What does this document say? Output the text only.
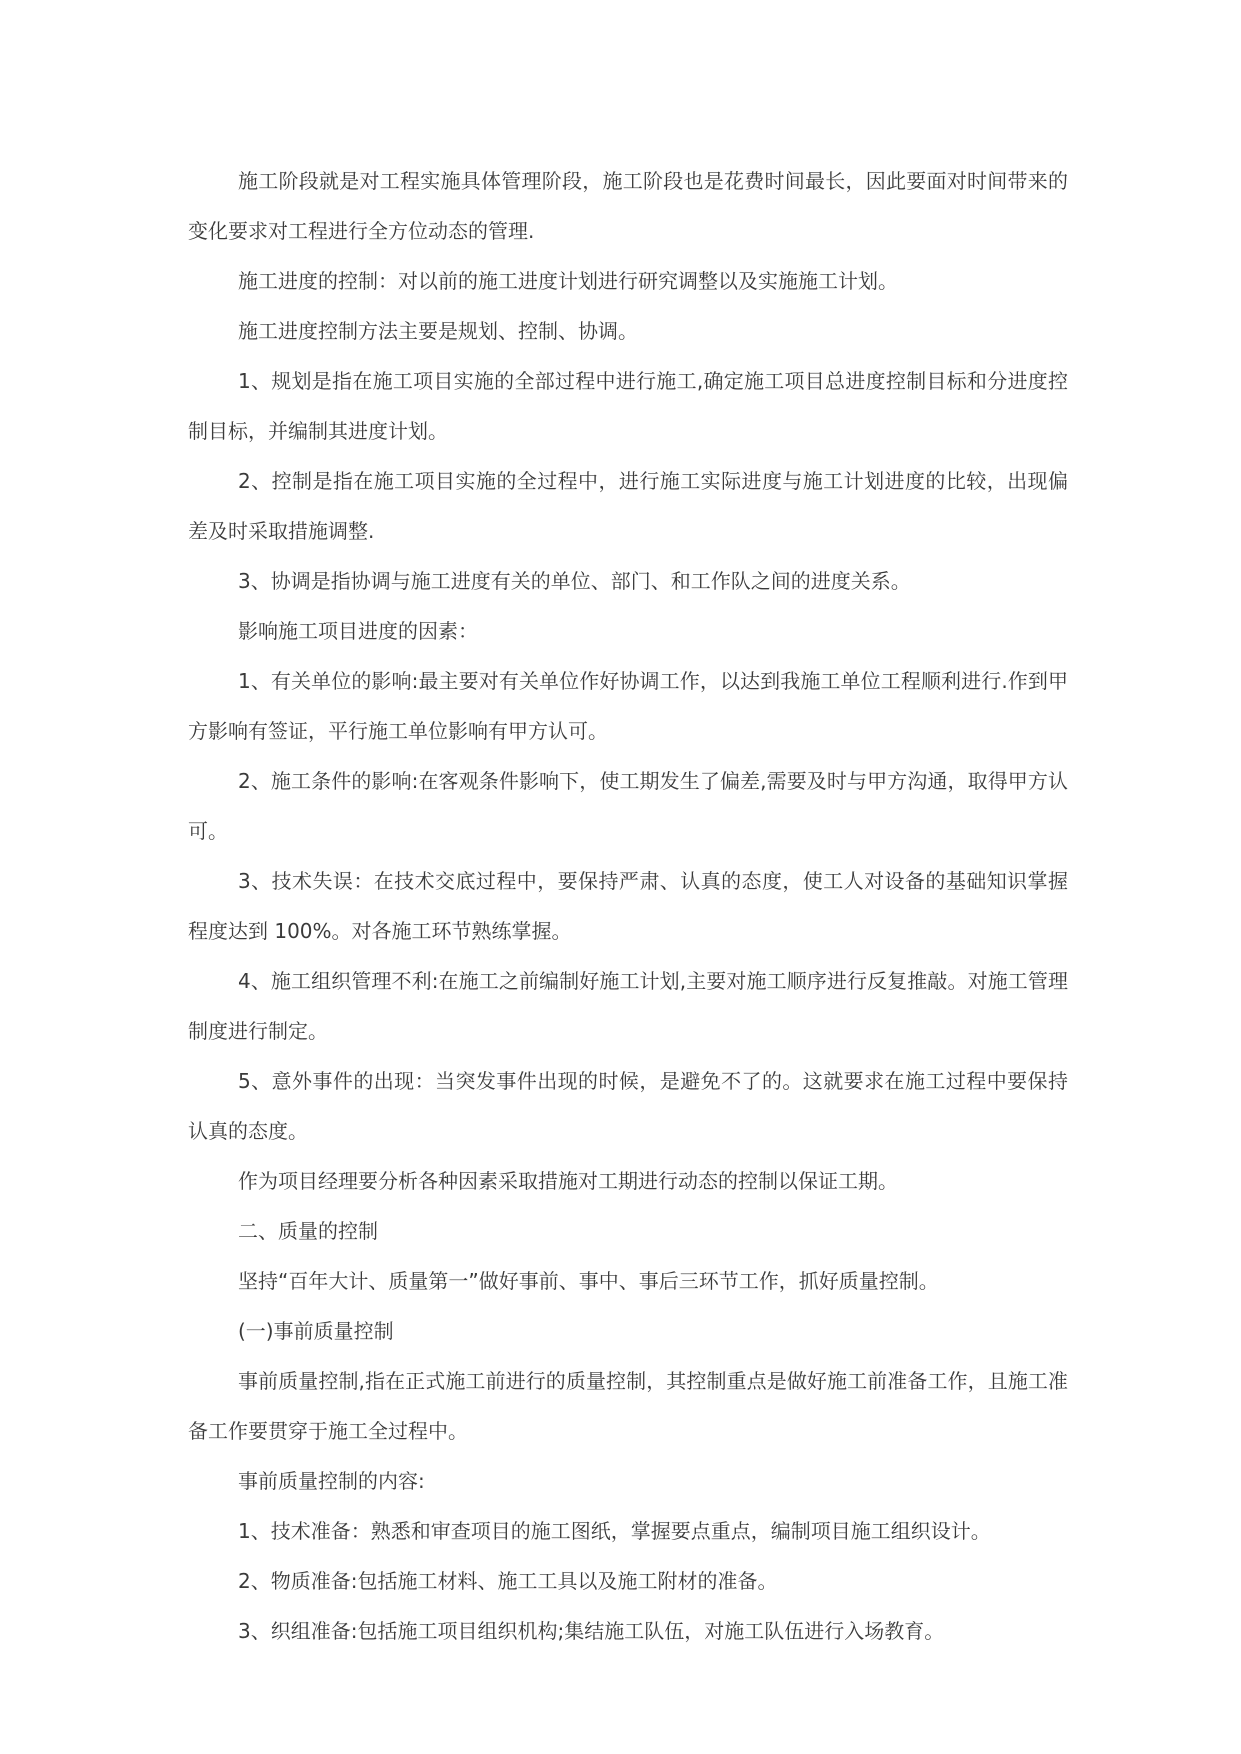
施工阶段就是对工程实施具体管理阶段，施工阶段也是花费时间最长，因此要面对时间带来的变化要求对工程进行全方位动态的管理.

施工进度的控制：对以前的施工进度计划进行研究调整以及实施施工计划。

施工进度控制方法主要是规划、控制、协调。

1、规划是指在施工项目实施的全部过程中进行施工,确定施工项目总进度控制目标和分进度控制目标，并编制其进度计划。

2、控制是指在施工项目实施的全过程中，进行施工实际进度与施工计划进度的比较，出现偏差及时采取措施调整.

3、协调是指协调与施工进度有关的单位、部门、和工作队之间的进度关系。

影响施工项目进度的因素：

1、有关单位的影响:最主要对有关单位作好协调工作，以达到我施工单位工程顺利进行.作到甲方影响有签证，平行施工单位影响有甲方认可。

2、施工条件的影响:在客观条件影响下，使工期发生了偏差,需要及时与甲方沟通，取得甲方认可。

3、技术失误：在技术交底过程中，要保持严肃、认真的态度，使工人对设备的基础知识掌握程度达到 100%。对各施工环节熟练掌握。

4、施工组织管理不利:在施工之前编制好施工计划,主要对施工顺序进行反复推敲。对施工管理制度进行制定。

5、意外事件的出现：当突发事件出现的时候，是避免不了的。这就要求在施工过程中要保持认真的态度。

作为项目经理要分析各种因素采取措施对工期进行动态的控制以保证工期。

二、质量的控制

坚持“百年大计、质量第一”做好事前、事中、事后三环节工作，抓好质量控制。

(一)事前质量控制

事前质量控制,指在正式施工前进行的质量控制，其控制重点是做好施工前准备工作，且施工准备工作要贯穿于施工全过程中。

事前质量控制的内容:

1、技术准备：熟悉和审查项目的施工图纸，掌握要点重点，编制项目施工组织设计。

2、物质准备:包括施工材料、施工工具以及施工附材的准备。

3、织组准备:包括施工项目组织机构;集结施工队伍，对施工队伍进行入场教育。
